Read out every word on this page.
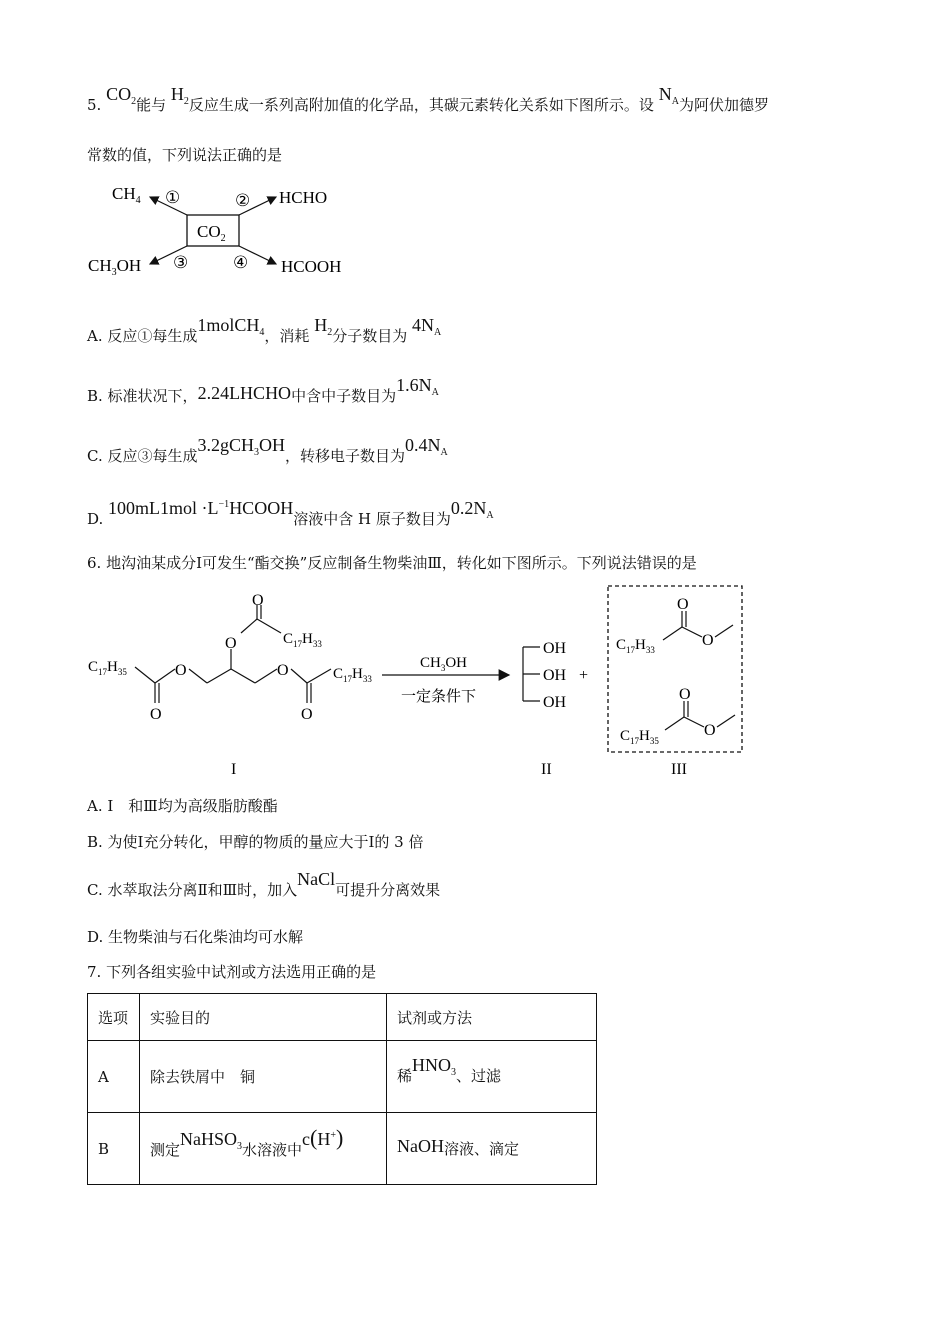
5. $CO_2$能与 $H_2$反应生成一系列高附加值的化学品，其碳元素转化关系如下图所示。设 $N_A$为阿伏加德罗
常数的值，下列说法正确的是
$CO_2$
$CH_4$	HCHO
$CH_3OH$	HCOOH
①	②
③	④
A. 反应①每生成1molCH$_4$，消耗 $H_2$分子数目为 $4N_A$
B. 标准状况下，2.24LHCHO中含中子数目为$1.6N_A$
C. 反应③每生成3.2gCH$_3$OH，转移电子数目为$0.4N_A$
D. $100mL1mol \cdot L^{-1}HCOOH$溶液中含 H 原子数目为$0.2N_A$
6. 地沟油某成分Ⅰ可发生“酯交换”反应制备生物柴油Ⅲ，转化如下图所示。下列说法错误的是
$C_{17}H_{35}$	O
O
O
O
$C_{17}H_{33}$
O
O
$C_{17}H_{33}$
I
$CH_3OH$
一定条件下
OH
OH
OH
+
II
O
O
$C_{17}H_{33}$
O
O
$C_{17}H_{35}$
III
A. Ⅰ　和Ⅲ均为高级脂肪酸酯
B. 为使Ⅰ充分转化，甲醇的物质的量应大于Ⅰ的 3 倍
C. 水萃取法分离Ⅱ和Ⅲ时，加入NaCl可提升分离效果
D. 生物柴油与石化柴油均可水解
7. 下列各组实验中试剂或方法选用正确的是
选项	实验目的	试剂或方法
A	除去铁屑中　铜	稀$HNO_3$、过滤
B	测定NaHSO$_3$水溶液中c(H+)	NaOH溶液、滴定
